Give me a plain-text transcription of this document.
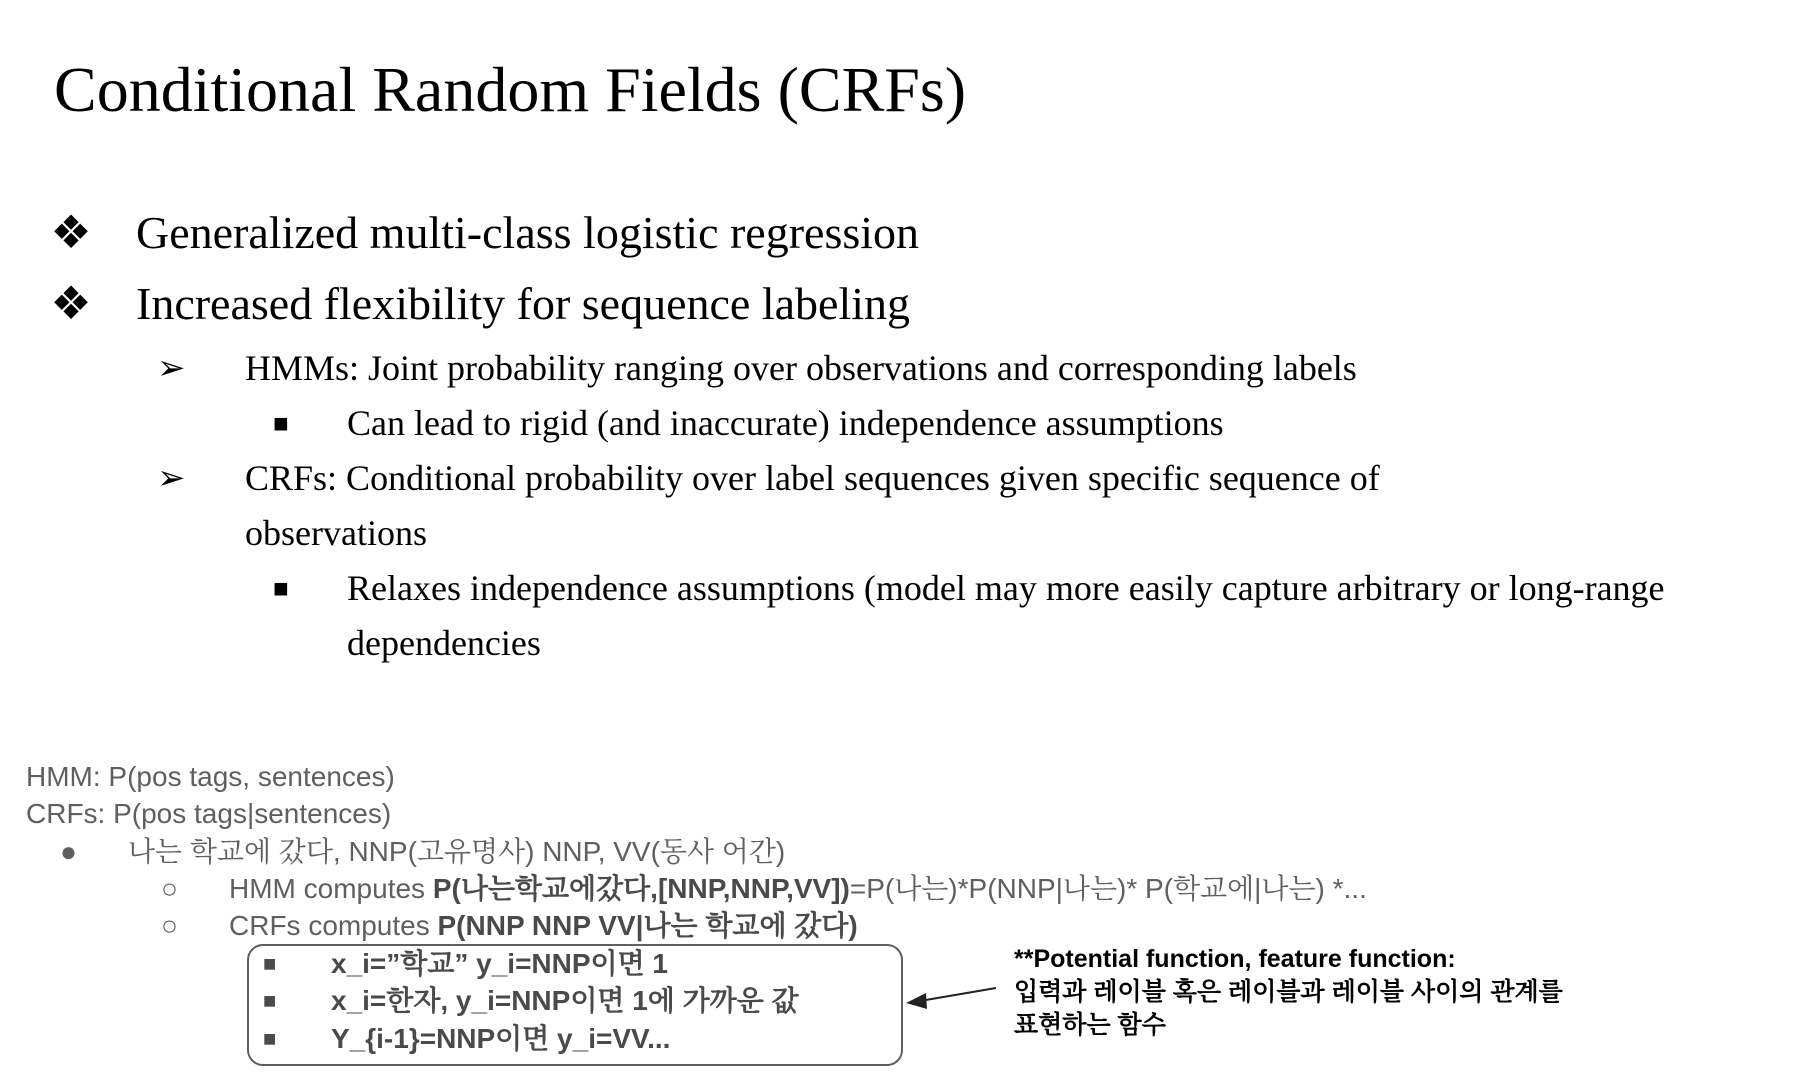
Conditional Random Fields (CRFs)
❖ Generalized multi-class logistic regression
❖ Increased flexibility for sequence labeling
➢ HMMs: Joint probability ranging over observations and corresponding labels
■ Can lead to rigid (and inaccurate) independence assumptions
➢ CRFs: Conditional probability over label sequences given specific sequence of observations
■ Relaxes independence assumptions (model may more easily capture arbitrary or long-range dependencies
HMM: P(pos tags, sentences)
CRFs: P(pos tags|sentences)
● 나는 학교에 갔다, NNP(고유명사) NNP, VV(동사 어간)
○ HMM computes P(나는학교에갔다,[NNP,NNP,VV])=P(나는)*P(NNP|나는)* P(학교에|나는) *...
○ CRFs computes P(NNP NNP VV|나는 학교에 갔다)
■ x_i=”학교” y_i=NNP이면 1
■ x_i=한자, y_i=NNP이면 1에 가까운 값
■ Y_{i-1}=NNP이면 y_i=VV...
**Potential function, feature function:
입력과 레이블 혹은 레이블과 레이블 사이의 관계를
표현하는 함수
